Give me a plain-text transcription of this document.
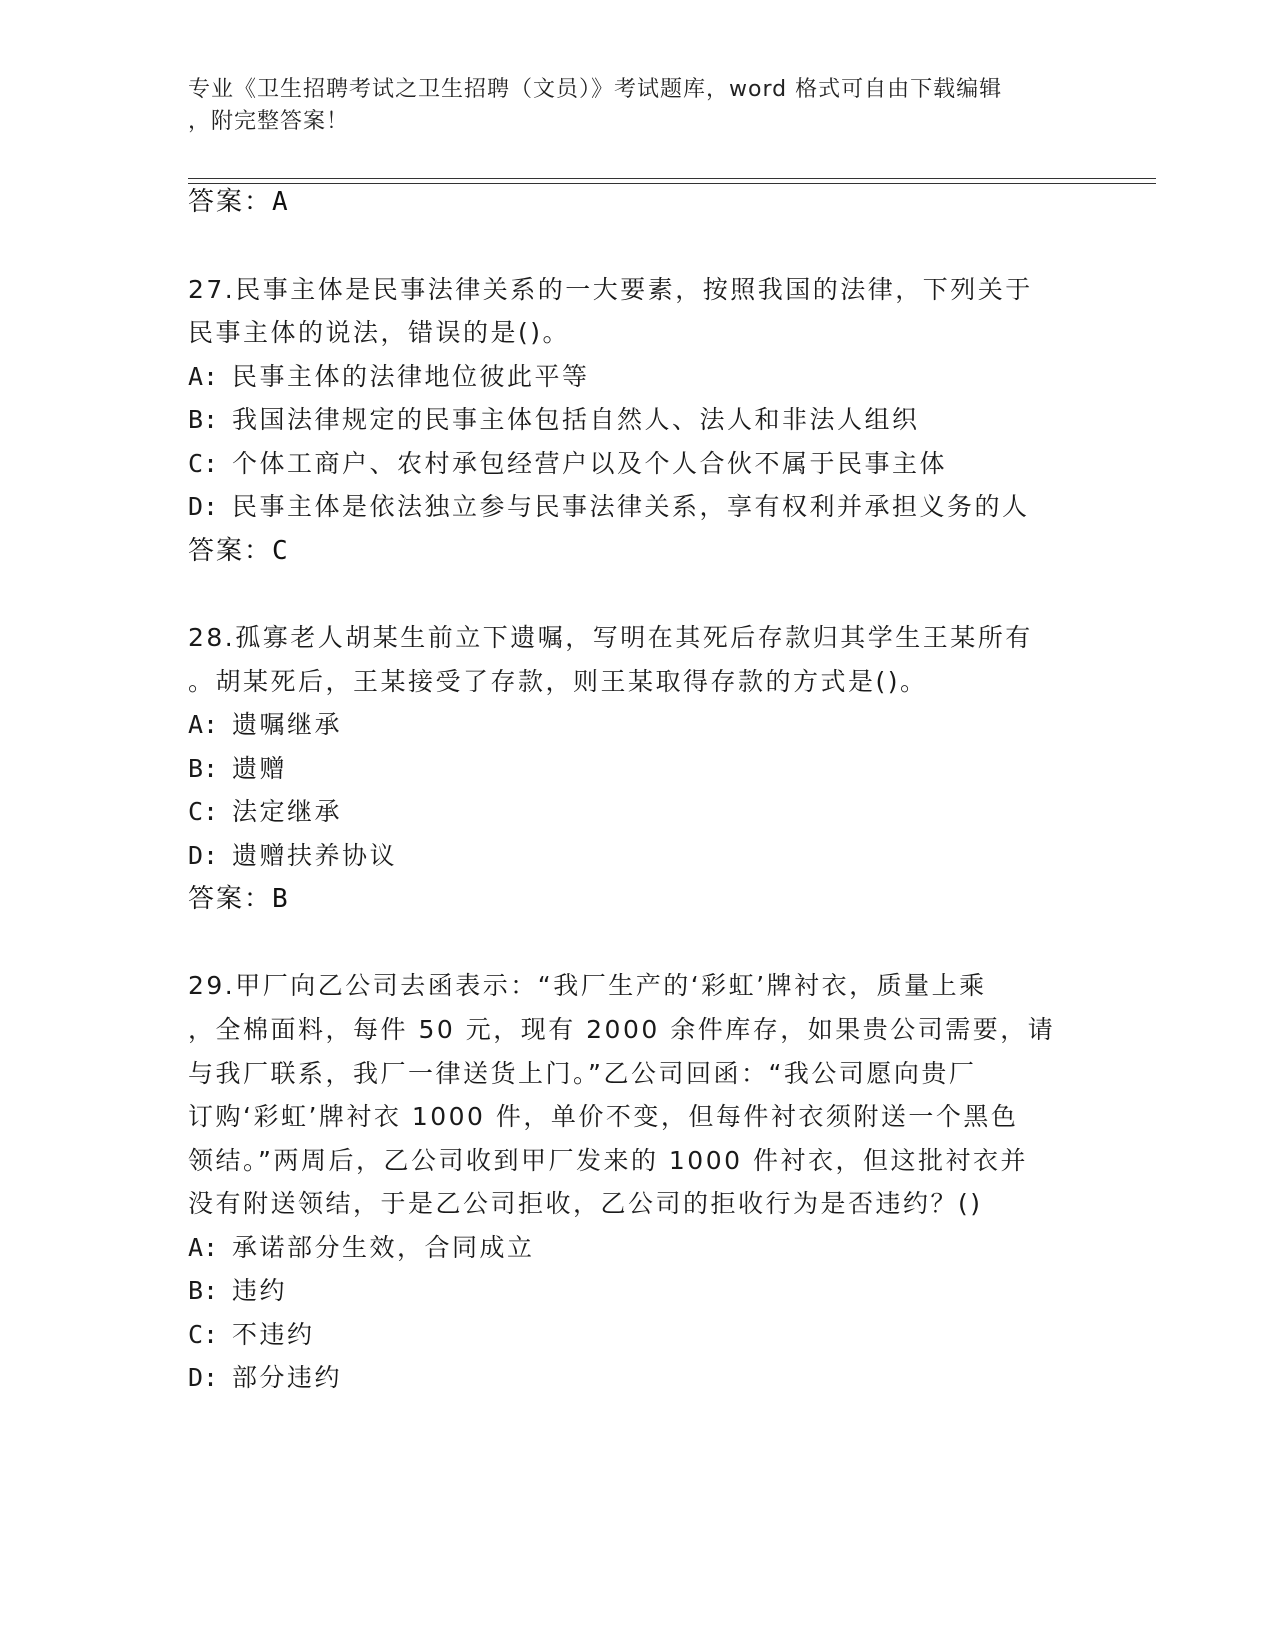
专业《卫生招聘考试之卫生招聘（文员）》考试题库，word 格式可自由下载编辑
，附完整答案！
答案：A
27.民事主体是民事法律关系的一大要素，按照我国的法律，下列关于
民事主体的说法，错误的是()。
A: 民事主体的法律地位彼此平等
B: 我国法律规定的民事主体包括自然人、法人和非法人组织
C: 个体工商户、农村承包经营户以及个人合伙不属于民事主体
D: 民事主体是依法独立参与民事法律关系，享有权利并承担义务的人
答案：C
28.孤寡老人胡某生前立下遗嘱，写明在其死后存款归其学生王某所有
。胡某死后，王某接受了存款，则王某取得存款的方式是()。
A: 遗嘱继承
B: 遗赠
C: 法定继承
D: 遗赠扶养协议
答案：B
29.甲厂向乙公司去函表示：“我厂生产的‘彩虹’牌衬衣，质量上乘
，全棉面料，每件 50 元，现有 2000 余件库存，如果贵公司需要，请
与我厂联系，我厂一律送货上门。”乙公司回函：“我公司愿向贵厂
订购‘彩虹’牌衬衣 1000 件，单价不变，但每件衬衣须附送一个黑色
领结。”两周后，乙公司收到甲厂发来的 1000 件衬衣，但这批衬衣并
没有附送领结，于是乙公司拒收，乙公司的拒收行为是否违约？()
A: 承诺部分生效，合同成立
B: 违约
C: 不违约
D: 部分违约
